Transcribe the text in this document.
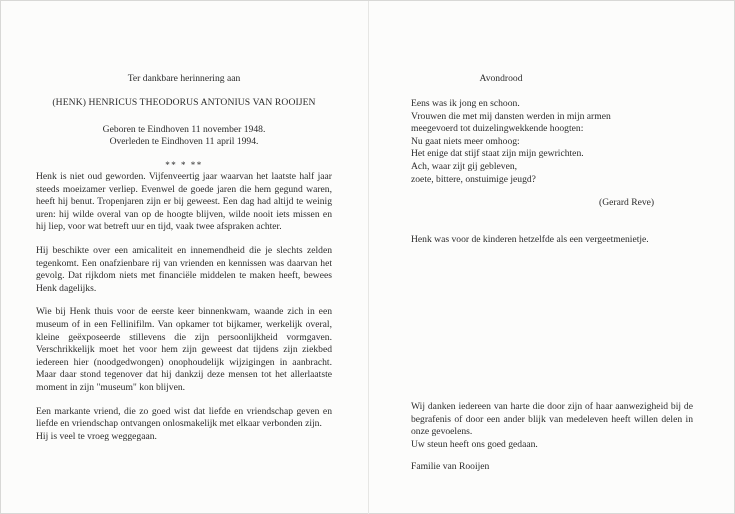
Ter dankbare herinnering aan
(HENK) HENRICUS THEODORUS ANTONIUS VAN ROOIJEN
Geboren te Eindhoven 11 november 1948.
Overleden te Eindhoven 11 april 1994.
** * **

Henk is niet oud geworden. Vijfenveertig jaar waarvan het laatste half jaar steeds moeizamer verliep. Evenwel de goede jaren die hem gegund waren, heeft hij benut. Tropenjaren zijn er bij geweest. Een dag had altijd te weinig uren: hij wilde overal van op de hoogte blijven, wilde nooit iets missen en hij liep, voor wat betreft uur en tijd, vaak twee afspraken achter.

Hij beschikte over een amicaliteit en innemendheid die je slechts zelden tegenkomt. Een onafzienbare rij van vrienden en kennissen was daarvan het gevolg. Dat rijkdom niets met financiële middelen te maken heeft, bewees Henk dagelijks.

Wie bij Henk thuis voor de eerste keer binnenkwam, waande zich in een museum of in een Fellinifilm. Van opkamer tot bijkamer, werkelijk overal, kleine geëxposeerde stillevens die zijn persoonlijkheid vormgaven. Verschrikkelijk moet het voor hem zijn geweest dat tijdens zijn ziekbed iedereen hier (noodgedwongen) onophoudelijk wijzigingen in aanbracht. Maar daar stond tegenover dat hij dankzij deze mensen tot het allerlaatste moment in zijn "museum" kon blijven.

Een markante vriend, die zo goed wist dat liefde en vriendschap geven en liefde en vriendschap ontvangen onlosmakelijk met elkaar verbonden zijn.

Hij is veel te vroeg weggegaan.
Avondrood
Eens was ik jong en schoon.
Vrouwen die met mij dansten werden in mijn armen
meegevoerd tot duizelingwekkende hoogten:
Nu gaat niets meer omhoog:
Het enige dat stijf staat zijn mijn gewrichten.
Ach, waar zijt gij gebleven,
zoete, bittere, onstuimige jeugd?
(Gerard Reve)
Henk was voor de kinderen hetzelfde als een vergeetmenietje.

Wij danken iedereen van harte die door zijn of haar aanwezigheid bij de begrafenis of door een ander blijk van medeleven heeft willen delen in onze gevoelens.

Uw steun heeft ons goed gedaan.
Familie van Rooijen
